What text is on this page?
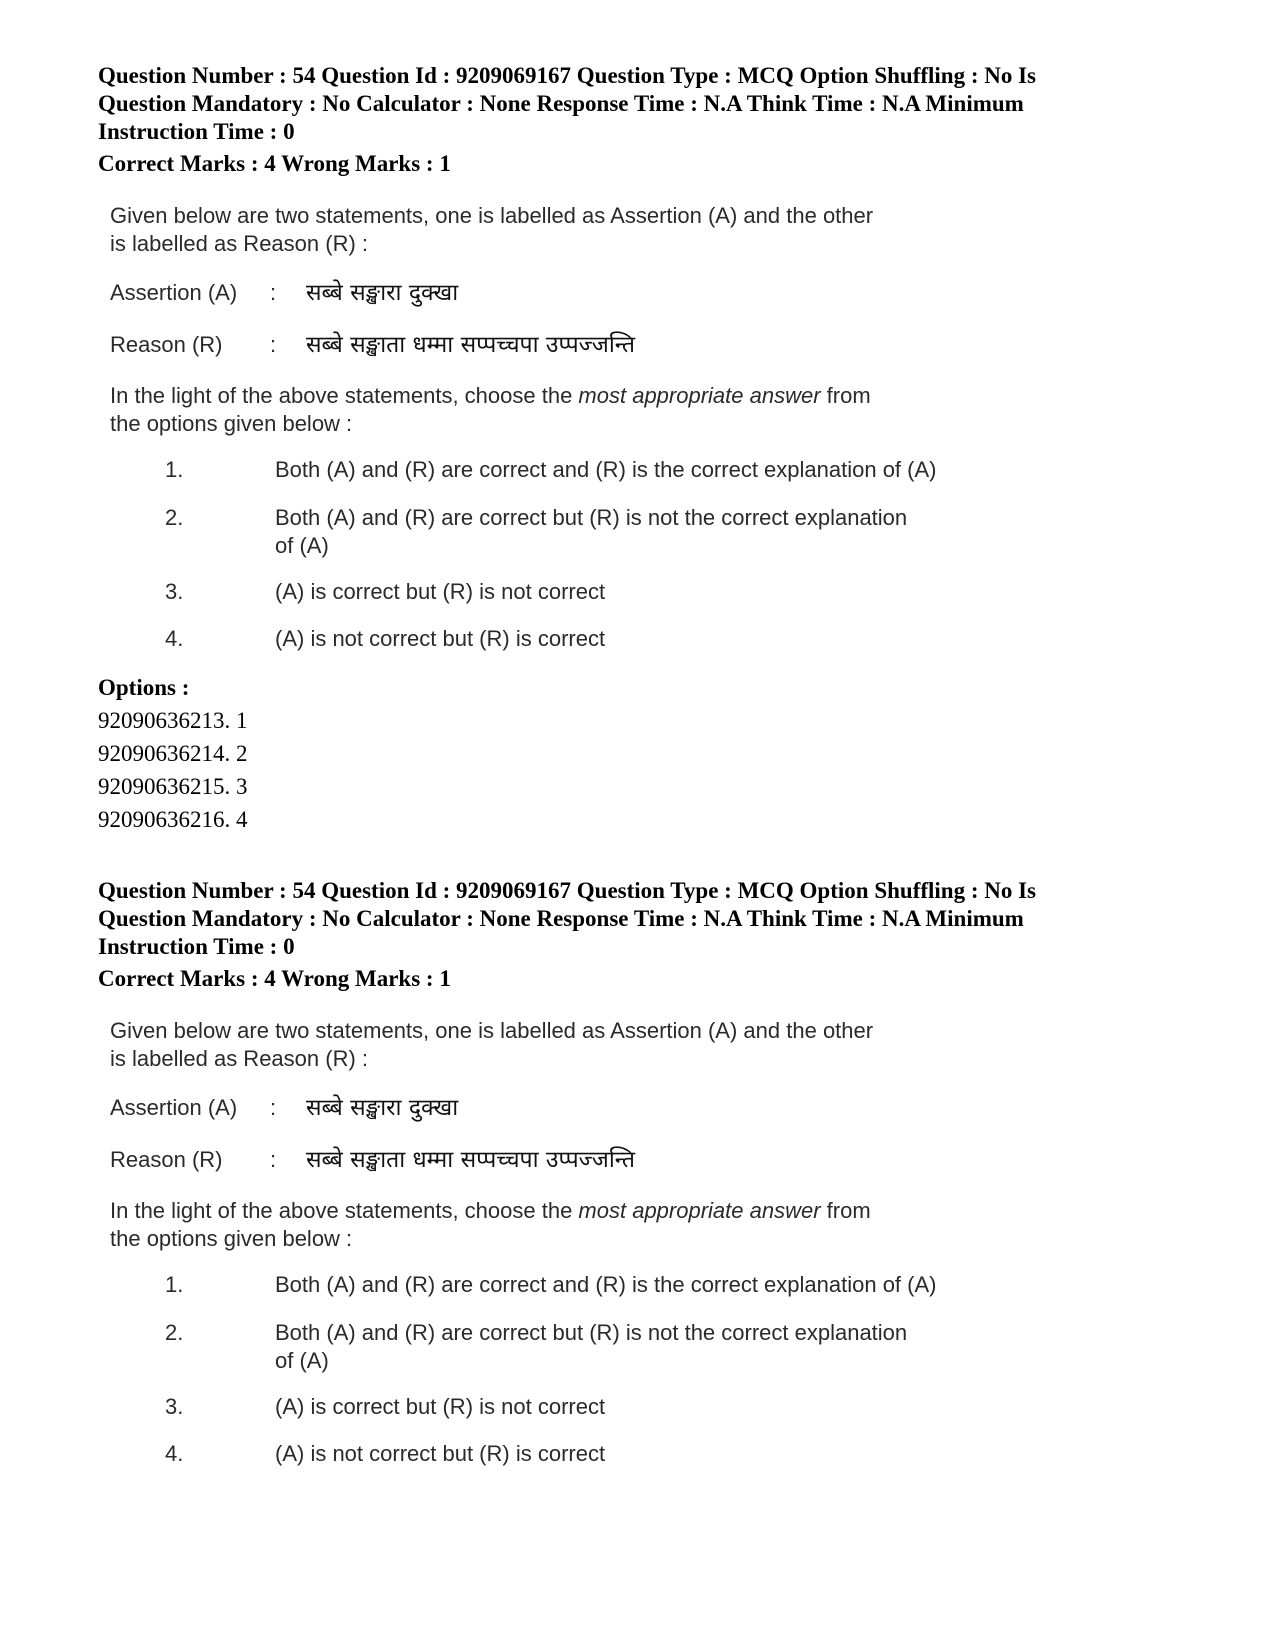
Question Number : 54 Question Id : 9209069167 Question Type : MCQ Option Shuffling : No Is
Question Mandatory : No Calculator : None Response Time : N.A Think Time : N.A Minimum
Instruction Time : 0
Correct Marks : 4 Wrong Marks : 1
Given below are two statements, one is labelled as Assertion (A) and the other
is labelled as Reason (R) :
Assertion (A) : सब्बे सङ्खारा दुक्खा
Reason (R) : सब्बे सङ्खाता धम्मा सप्पच्चपा उप्पज्जन्ति
In the light of the above statements, choose the most appropriate answer from
the options given below :
1.	Both (A) and (R) are correct and (R) is the correct explanation of (A)
2.	Both (A) and (R) are correct but (R) is not the correct explanation
of (A)
3.	(A) is correct but (R) is not correct
4.	(A) is not correct but (R) is correct
Options :
92090636213. 1
92090636214. 2
92090636215. 3
92090636216. 4
Question Number : 54 Question Id : 9209069167 Question Type : MCQ Option Shuffling : No Is
Question Mandatory : No Calculator : None Response Time : N.A Think Time : N.A Minimum
Instruction Time : 0
Correct Marks : 4 Wrong Marks : 1
Given below are two statements, one is labelled as Assertion (A) and the other
is labelled as Reason (R) :
Assertion (A) : सब्बे सङ्खारा दुक्खा
Reason (R) : सब्बे सङ्खाता धम्मा सप्पच्चपा उप्पज्जन्ति
In the light of the above statements, choose the most appropriate answer from
the options given below :
1.	Both (A) and (R) are correct and (R) is the correct explanation of (A)
2.	Both (A) and (R) are correct but (R) is not the correct explanation
of (A)
3.	(A) is correct but (R) is not correct
4.	(A) is not correct but (R) is correct
